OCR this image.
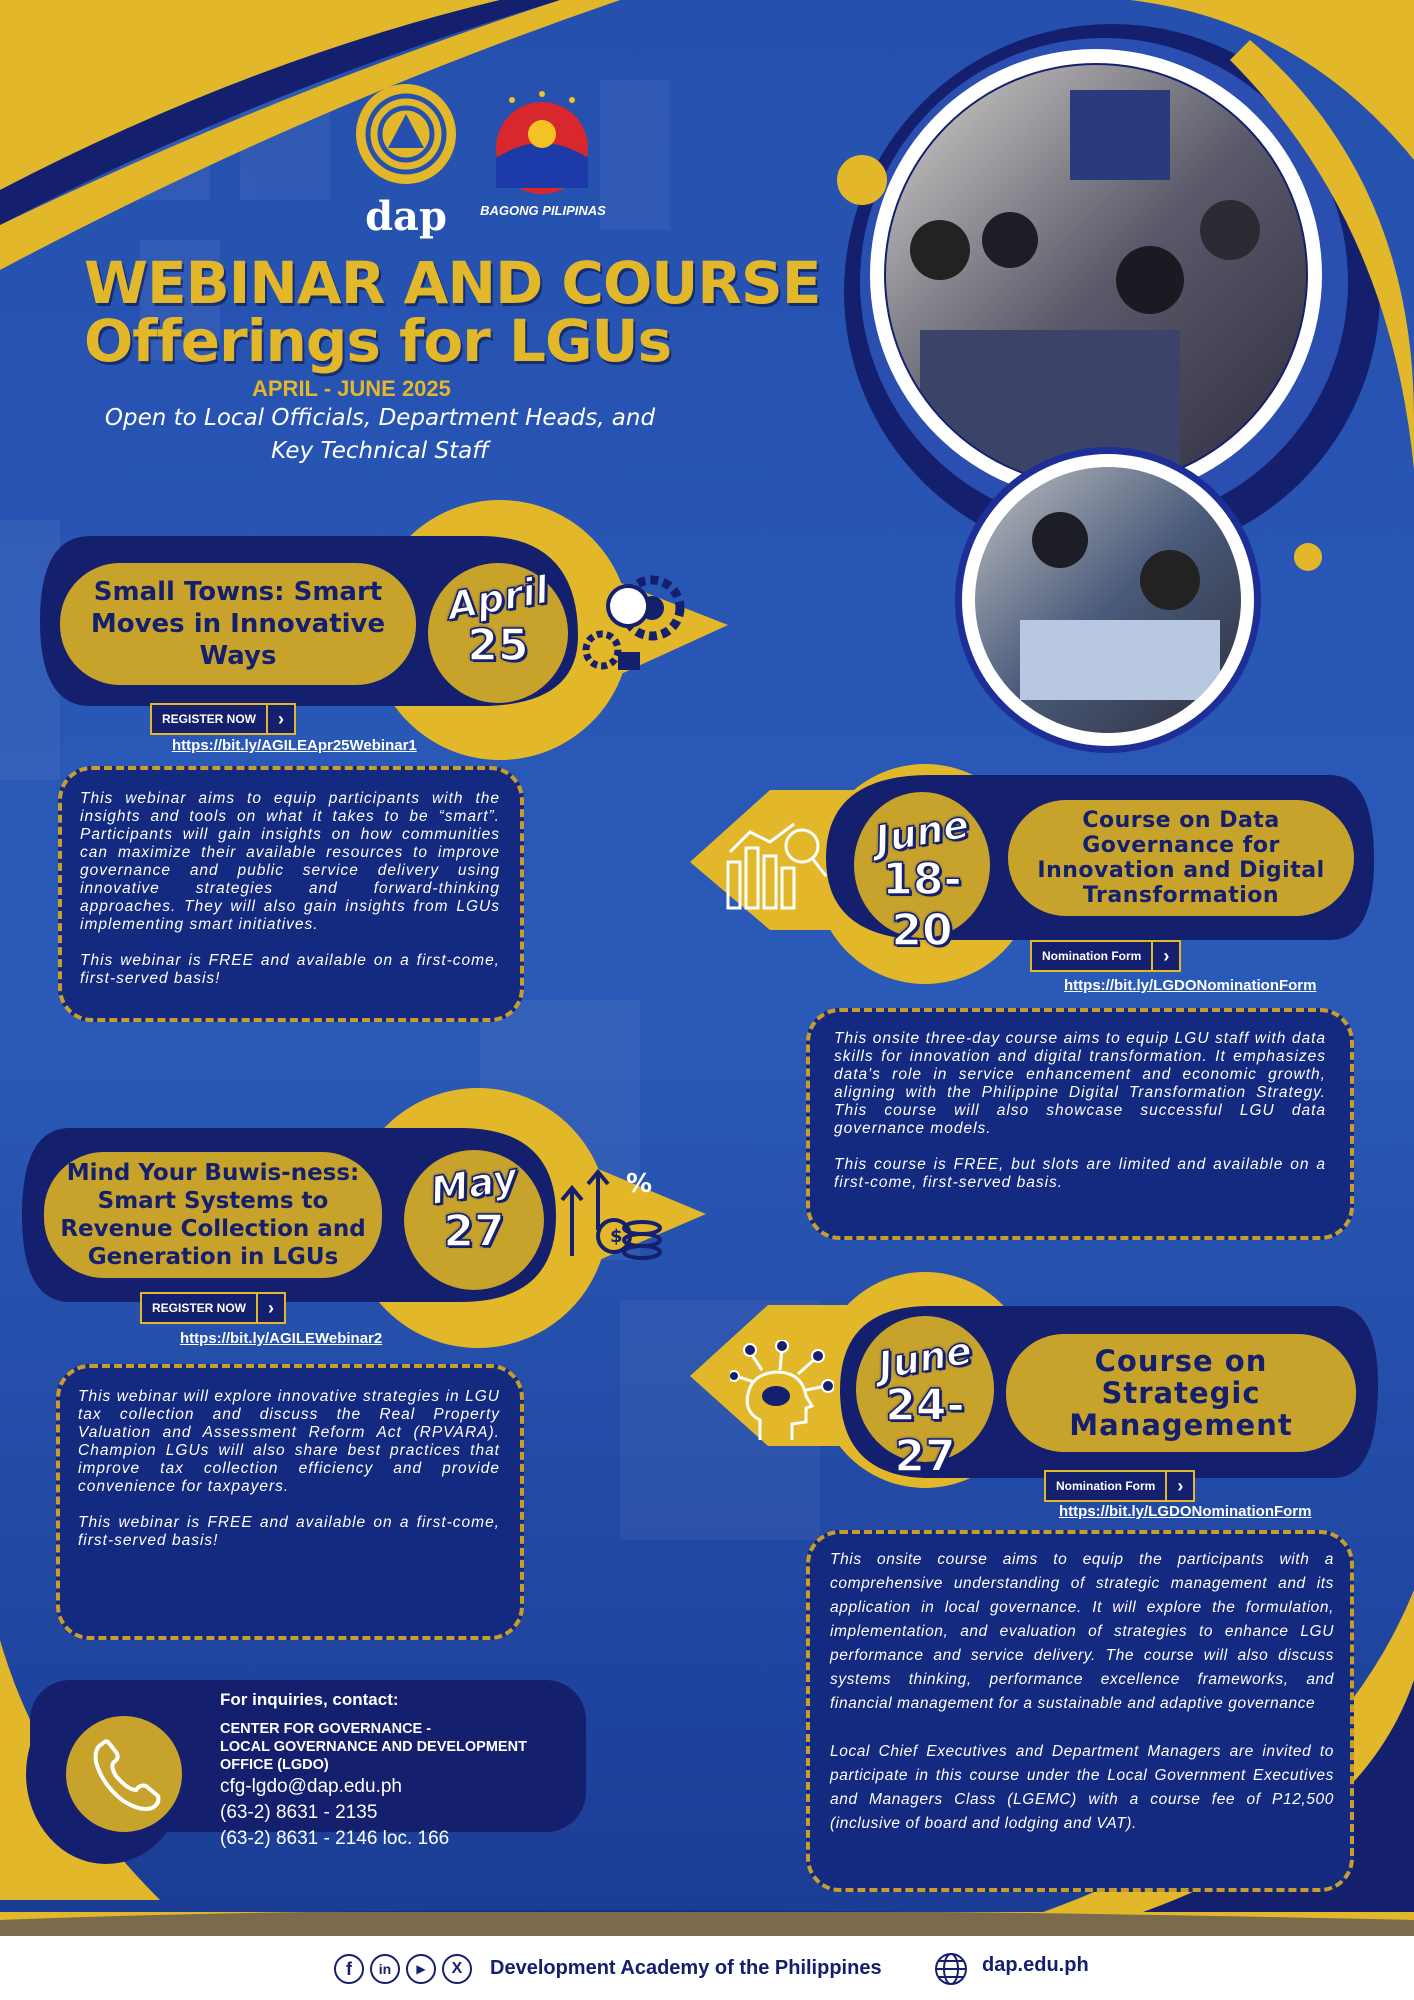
dap	BAGONG PILIPINAS
WEBINAR AND COURSE
Offerings for LGUs
APRIL - JUNE 2025
Open to Local Officials, Department Heads, and
Key Technical Staff
Small Towns: Smart Moves in Innovative Ways
April
25
REGISTER NOW	›
https://bit.ly/AGILEApr25Webinar1

This webinar aims to equip participants with the insights and tools on what it takes to be “smart”. Participants will gain insights on how communities can maximize their available resources to improve governance and public service delivery using innovative strategies and forward-thinking approaches. They will also gain insights from LGUs implementing smart initiatives.

This webinar is FREE and available on a first-come, first-served basis!

June
18-20
Course on Data Governance for Innovation and Digital Transformation
Nomination Form	›
https://bit.ly/LGDONominationForm

This onsite three-day course aims to equip LGU staff with data skills for innovation and digital transformation. It emphasizes data's role in service enhancement and economic growth, aligning with the Philippine Digital Transformation Strategy. This course will also showcase successful LGU data governance models.

This course is FREE, but slots are limited and available on a first-come, first-served basis.

Mind Your Buwis-ness: Smart Systems to Revenue Collection and Generation in LGUs
May
27	$
%
REGISTER NOW	›
https://bit.ly/AGILEWebinar2

This webinar will explore innovative strategies in LGU tax collection and discuss the Real Property Valuation and Assessment Reform Act (RPVARA). Champion LGUs will also share best practices that improve tax collection efficiency and provide convenience for taxpayers.

This webinar is FREE and available on a first-come, first-served basis!

June
24-27
Course on Strategic Management
Nomination Form	›
https://bit.ly/LGDONominationForm

This onsite course aims to equip the participants with a comprehensive understanding of strategic management and its application in local governance. It will explore the formulation, implementation, and evaluation of strategies to enhance LGU performance and service delivery. The course will also discuss systems thinking, performance excellence frameworks, and financial management for a sustainable and adaptive governance

Local Chief Executives and Department Managers are invited to participate in this course under the Local Government Executives and Managers Class (LGEMC) with a course fee of P12,500 (inclusive of board and lodging and VAT).

For inquiries, contact:
CENTER FOR GOVERNANCE -
LOCAL GOVERNANCE AND DEVELOPMENT
OFFICE (LGDO)
cfg-lgdo@dap.edu.ph
(63-2) 8631 - 2135
(63-2) 8631 - 2146 loc. 166
f	in	▶	X	Development Academy of the Philippines	dap.edu.ph
